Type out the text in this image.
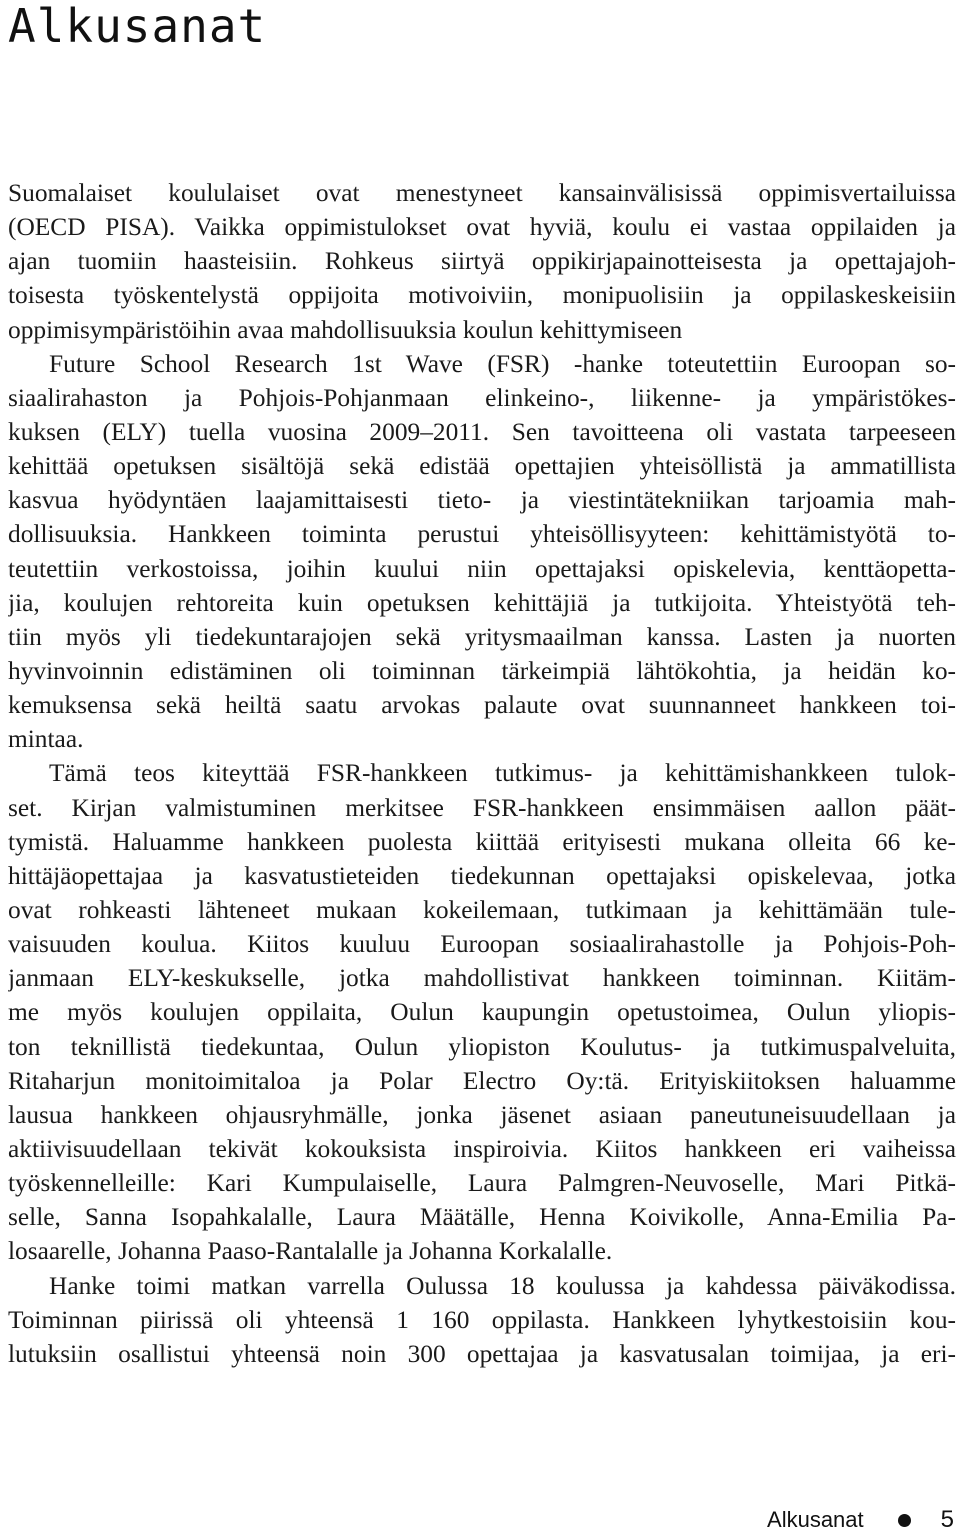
Alkusanat
Suomalaiset koululaiset ovat menestyneet kansainvälisissä oppimisvertailuissa
(OECD PISA). Vaikka oppimistulokset ovat hyviä, koulu ei vastaa oppilaiden ja
ajan tuomiin haasteisiin. Rohkeus siirtyä oppikirjapainotteisesta ja opettajajoh-
toisesta työskentelystä oppijoita motivoiviin, monipuolisiin ja oppilaskeskeisiin
oppimisympäristöihin avaa mahdollisuuksia koulun kehittymiseen
Future School Research 1st Wave (FSR) -hanke toteutettiin Euroopan so-
siaalirahaston ja Pohjois-Pohjanmaan elinkeino-, liikenne- ja ympäristökes-
kuksen (ELY) tuella vuosina 2009–2011. Sen tavoitteena oli vastata tarpeeseen
kehittää opetuksen sisältöjä sekä edistää opettajien yhteisöllistä ja ammatillista
kasvua hyödyntäen laajamittaisesti tieto- ja viestintätekniikan tarjoamia mah-
dollisuuksia. Hankkeen toiminta perustui yhteisöllisyyteen: kehittämistyötä to-
teutettiin verkostoissa, joihin kuului niin opettajaksi opiskelevia, kenttäopetta-
jia, koulujen rehtoreita kuin opetuksen kehittäjiä ja tutkijoita. Yhteistyötä teh-
tiin myös yli tiedekuntarajojen sekä yritysmaailman kanssa. Lasten ja nuorten
hyvinvoinnin edistäminen oli toiminnan tärkeimpiä lähtökohtia, ja heidän ko-
kemuksensa sekä heiltä saatu arvokas palaute ovat suunnanneet hankkeen toi-
mintaa.
Tämä teos kiteyttää FSR-hankkeen tutkimus- ja kehittämishankkeen tulok-
set. Kirjan valmistuminen merkitsee FSR-hankkeen ensimmäisen aallon päät-
tymistä. Haluamme hankkeen puolesta kiittää erityisesti mukana olleita 66 ke-
hittäjäopettajaa ja kasvatustieteiden tiedekunnan opettajaksi opiskelevaa, jotka
ovat rohkeasti lähteneet mukaan kokeilemaan, tutkimaan ja kehittämään tule-
vaisuuden koulua. Kiitos kuuluu Euroopan sosiaalirahastolle ja Pohjois-Poh-
janmaan ELY-keskukselle, jotka mahdollistivat hankkeen toiminnan. Kiitäm-
me myös koulujen oppilaita, Oulun kaupungin opetustoimea, Oulun yliopis-
ton teknillistä tiedekuntaa, Oulun yliopiston Koulutus- ja tutkimuspalveluita,
Ritaharjun monitoimitaloa ja Polar Electro Oy:tä. Erityiskiitoksen haluamme
lausua hankkeen ohjausryhmälle, jonka jäsenet asiaan paneutuneisuudellaan ja
aktiivisuudellaan tekivät kokouksista inspiroivia. Kiitos hankkeen eri vaiheissa
työskennelleille: Kari Kumpulaiselle, Laura Palmgren-Neuvoselle, Mari Pitkä-
selle, Sanna Isopahkalalle, Laura Määtälle, Henna Koivikolle, Anna-Emilia Pa-
losaarelle, Johanna Paaso-Rantalalle ja Johanna Korkalalle.
Hanke toimi matkan varrella Oulussa 18 koulussa ja kahdessa päiväkodissa.
Toiminnan piirissä oli yhteensä 1 160 oppilasta. Hankkeen lyhytkestoisiin kou-
lutuksiin osallistui yhteensä noin 300 opettajaa ja kasvatusalan toimijaa, ja eri-
Alkusanat	5
